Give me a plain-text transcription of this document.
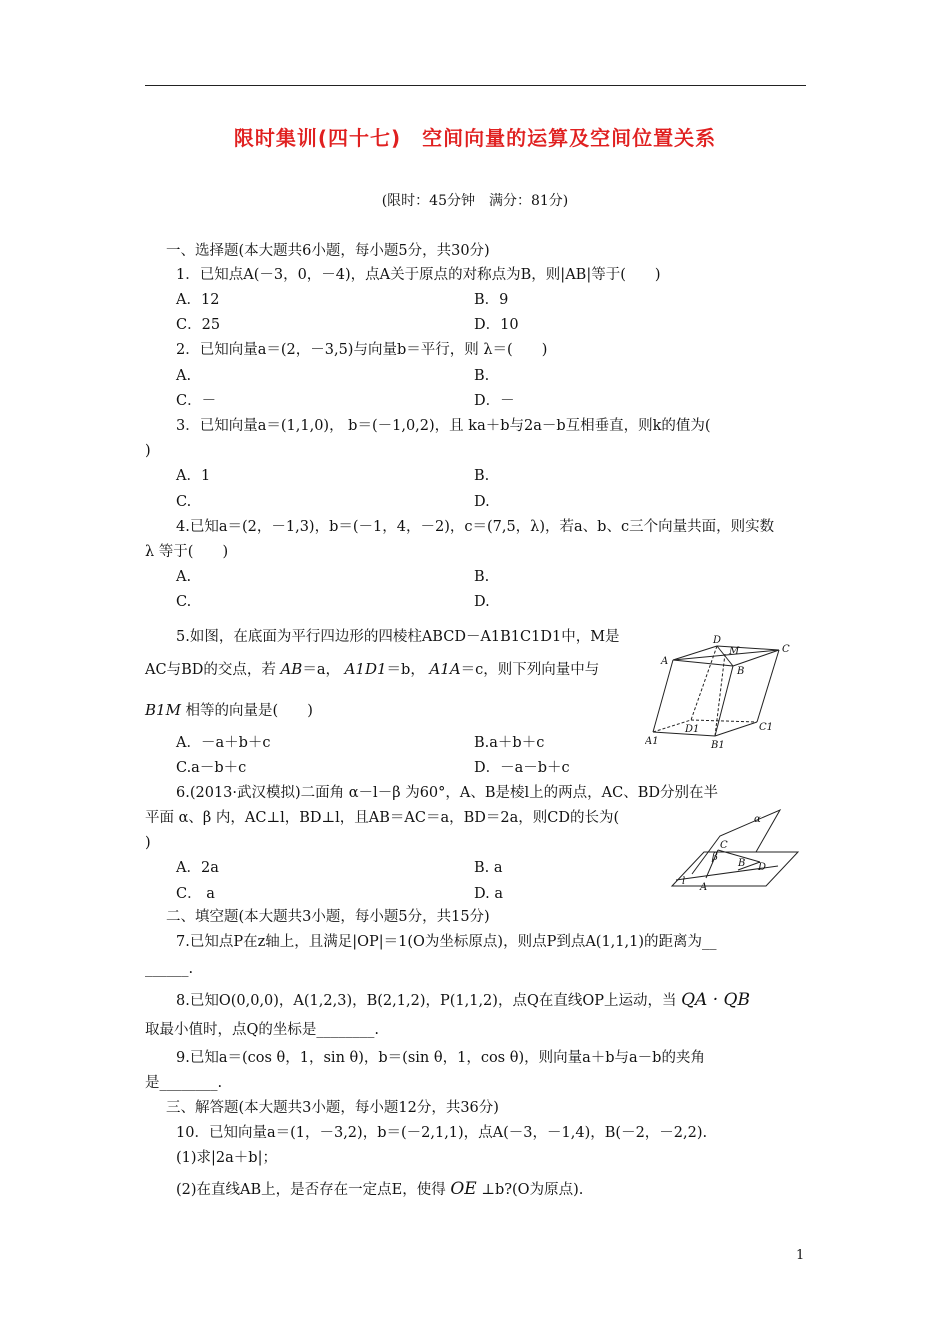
限时集训(四十七)　空间向量的运算及空间位置关系
(限时：45分钟　满分：81分)
一、选择题(本大题共6小题，每小题5分，共30分)
1．已知点A(－3，0，－4)，点A关于原点的对称点为B，则|AB|等于(　　)
A．12	B．9
C．25	D．10
2．已知向量a＝(2，－3,5)与向量b＝平行，则 λ＝(　　)
A.	B.
C．－	D．－
3．已知向量a＝(1,1,0)， b＝(－1,0,2)，且 ka＋b与2a－b互相垂直，则k的值为(
)
A．1	B.
C.	D.
4.已知a＝(2，－1,3)，b＝(－1，4，－2)，c＝(7,5，λ)，若a、b、c三个向量共面，则实数
λ 等于(　　)
A.	B.
C.	D.
5.如图，在底面为平行四边形的四棱柱ABCD－A1B1C1D1中，M是
AC与BD的交点，若 AB＝a， A1D1＝b， A1A＝c，则下列向量中与
B1M 相等的向量是(　　)
A．－a＋b＋c	B.a＋b＋c
C.a－b＋c	D．－a－b＋c
D
M	C
A
B
A1
D1
B1
C1
6.(2013·武汉模拟)二面角 α－l－β 为60°，A、B是棱l上的两点，AC、BD分别在半
平面 α、β 内，AC⊥l，BD⊥l，且AB＝AC＝a，BD＝2a，则CD的长为(
)
A．2a	B. a
C． a	D. a
α
C
β
B D
l
A
二、填空题(本大题共3小题，每小题5分，共15分)
7.已知点P在z轴上，且满足|OP|＝1(O为坐标原点)，则点P到点A(1,1,1)的距离为__
______.
8.已知O(0,0,0)，A(1,2,3)，B(2,1,2)，P(1,1,2)，点Q在直线OP上运动，当 QA · QB
取最小值时，点Q的坐标是________.
9.已知a＝(cos θ，1，sin θ)，b＝(sin θ，1，cos θ)，则向量a＋b与a－b的夹角
是________.
三、解答题(本大题共3小题，每小题12分，共36分)
10．已知向量a＝(1，－3,2)，b＝(－2,1,1)，点A(－3，－1,4)，B(－2，－2,2).
(1)求|2a＋b|；
(2)在直线AB上，是否存在一定点E，使得 OE ⊥b?(O为原点).
1
